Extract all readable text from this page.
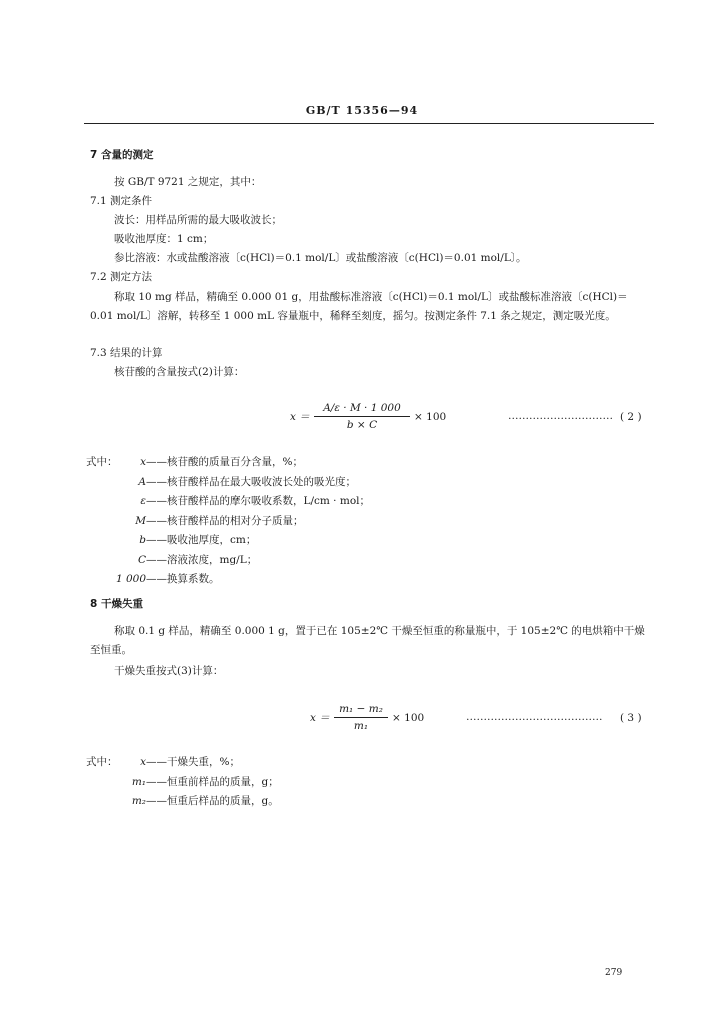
GB/T 15356—94
7 含量的测定
按 GB/T 9721 之规定，其中：
7.1 测定条件
波长：用样品所需的最大吸收波长；
吸收池厚度：1 cm；
参比溶液：水或盐酸溶液〔c(HCl)＝0.1 mol/L〕或盐酸溶液〔c(HCl)＝0.01 mol/L〕。
7.2 测定方法
称取 10 mg 样品，精确至 0.000 01 g，用盐酸标准溶液〔c(HCl)＝0.1 mol/L〕或盐酸标准溶液〔c(HCl)＝0.01 mol/L〕溶解，转移至 1 000 mL 容量瓶中，稀释至刻度，摇匀。按测定条件 7.1 条之规定，测定吸光度。
7.3 结果的计算
核苷酸的含量按式(2)计算：
$x = \frac{A/\varepsilon \cdot M \cdot 1 000}{b \times C} \times 100$	………………………… ( 2 )
式中： x ——核苷酸的质量百分含量，%；
A ——核苷酸样品在最大吸收波长处的吸光度；
ε ——核苷酸样品的摩尔吸收系数，L/cm · mol；
M ——核苷酸样品的相对分子质量；
b ——吸收池厚度，cm；
C ——溶液浓度，mg/L；
1 000 ——换算系数。
8 干燥失重
称取 0.1 g 样品，精确至 0.000 1 g，置于已在 105±2℃ 干燥至恒重的称量瓶中，于 105±2℃ 的电烘箱中干燥至恒重。
干燥失重按式(3)计算：
$x = \frac{\text{m₁ − m₂}}{\text{m₁}} \times 100$	………………………………… ( 3 )
式中： x ——干燥失重，%；
m₁ ——恒重前样品的质量，g；
m₂ ——恒重后样品的质量，g。
279
